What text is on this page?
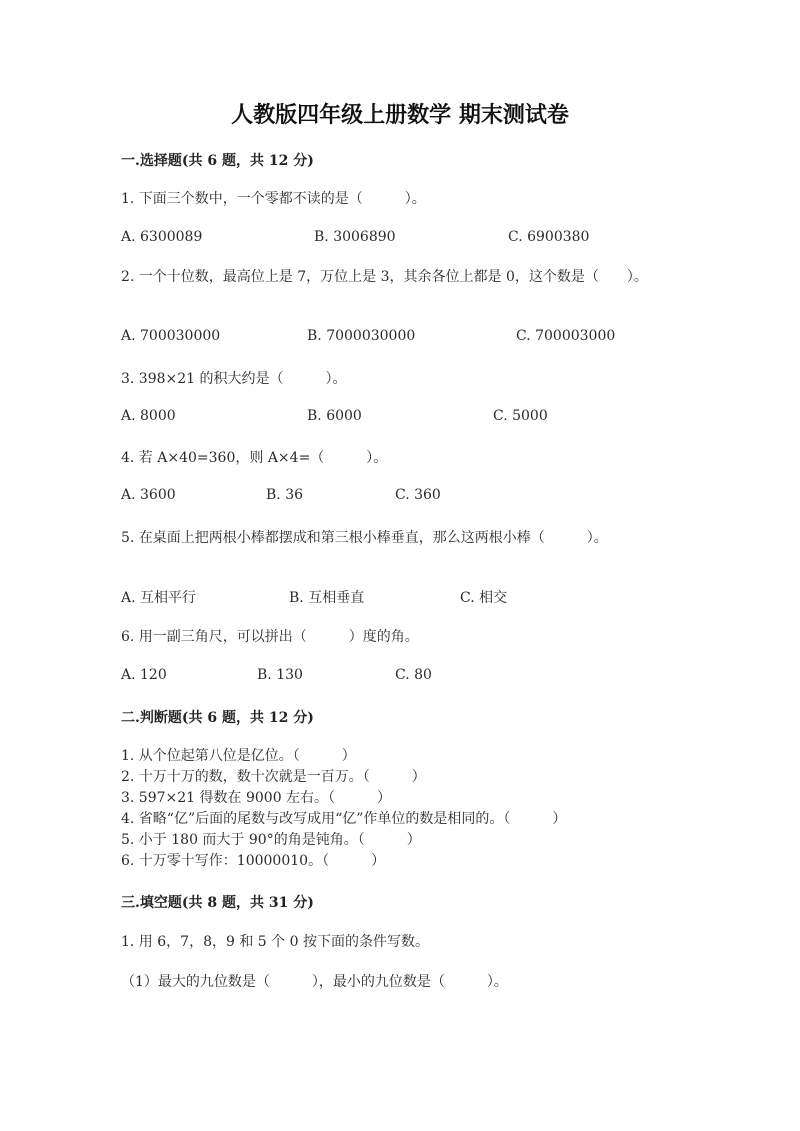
人教版四年级上册数学 期末测试卷
一.选择题(共 6 题，共 12 分)
1. 下面三个数中，一个零都不读的是（　　　）。
A. 6300089	B. 3006890	C. 6900380
2. 一个十位数，最高位上是 7，万位上是 3，其余各位上都是 0，这个数是（　　）。
A. 700030000	B. 7000030000	C. 700003000
3. 398×21 的积大约是（　　　）。
A. 8000	B. 6000	C. 5000
4. 若 A×40=360，则 A×4=（　　　）。
A. 3600	B. 36	C. 360
5. 在桌面上把两根小棒都摆成和第三根小棒垂直，那么这两根小棒（　　　）。
A. 互相平行	B. 互相垂直	C. 相交
6. 用一副三角尺，可以拼出（　　　）度的角。
A. 120	B. 130	C. 80
二.判断题(共 6 题，共 12 分)
1. 从个位起第八位是亿位。（　　　）
2. 十万十万的数，数十次就是一百万。（　　　）
3. 597×21 得数在 9000 左右。（　　　）
4. 省略“亿”后面的尾数与改写成用“亿”作单位的数是相同的。（　　　）
5. 小于 180 而大于 90°的角是钝角。（　　　）
6. 十万零十写作：10000010。（　　　）
三.填空题(共 8 题，共 31 分)
1. 用 6，7，8，9 和 5 个 0 按下面的条件写数。
（1）最大的九位数是（　　　），最小的九位数是（　　　）。
